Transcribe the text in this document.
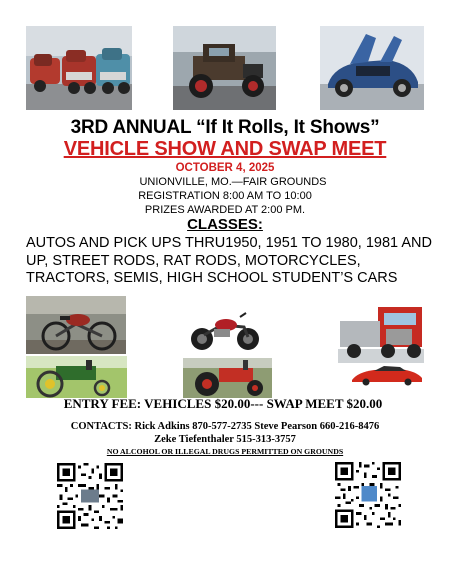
3RD ANNUAL “If It Rolls, It Shows”
VEHICLE SHOW AND SWAP MEET
OCTOBER 4, 2025
UNIONVILLE, MO.—FAIR GROUNDS
REGISTRATION 8:00 AM TO 10:00
PRIZES AWARDED AT 2:00 PM.
CLASSES:

AUTOS AND PICK UPS THRU1950, 1951 TO 1980, 1981 AND UP, STREET RODS, RAT RODS, MOTORCYCLES, TRACTORS, SEMIS, HIGH SCHOOL STUDENT’S CARS

ENTRY FEE: VEHICLES $20.00--- SWAP MEET $20.00
CONTACTS: Rick Adkins 870-577-2735 Steve Pearson 660-216-8476
Zeke Tiefenthaler 515-313-3757
NO ALCOHOL OR ILLEGAL DRUGS PERMITTED ON GROUNDS
